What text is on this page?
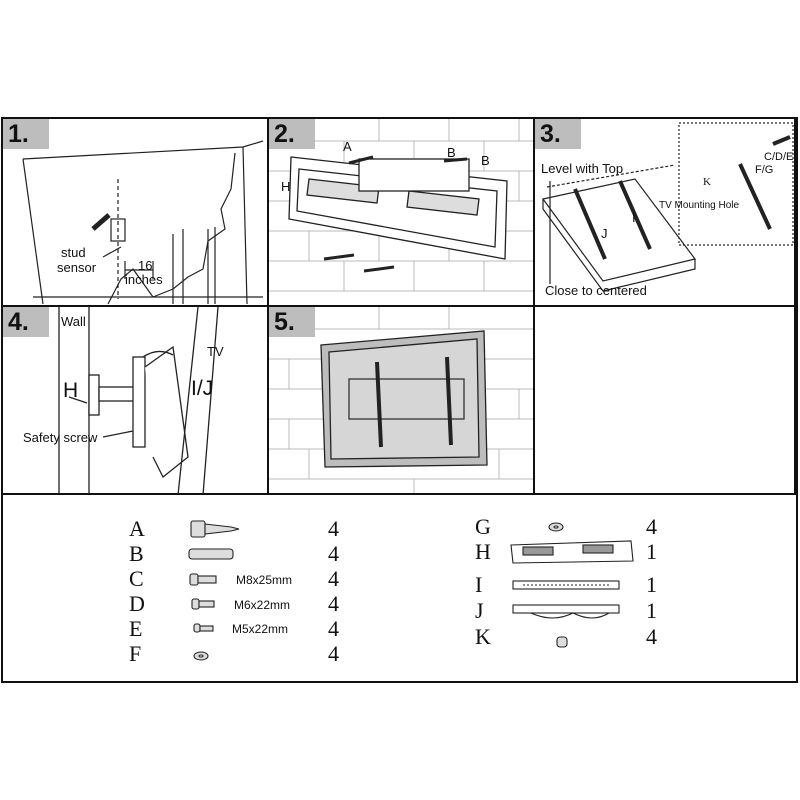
1.
stud
sensor	16
inches
2.	A	B
B
H
3.
Level with Top
I
J
Close to centered
C/D/E
F/G
K
TV Mounting Hole
4.	Wall
TV
H	I/J
Safety screw
5.
A	4
B	4
C	M8x25mm 4
D	M6x22mm 4
E	M5x22mm 4
F	4
G	4
H	1
I	1
J	1
K	4
